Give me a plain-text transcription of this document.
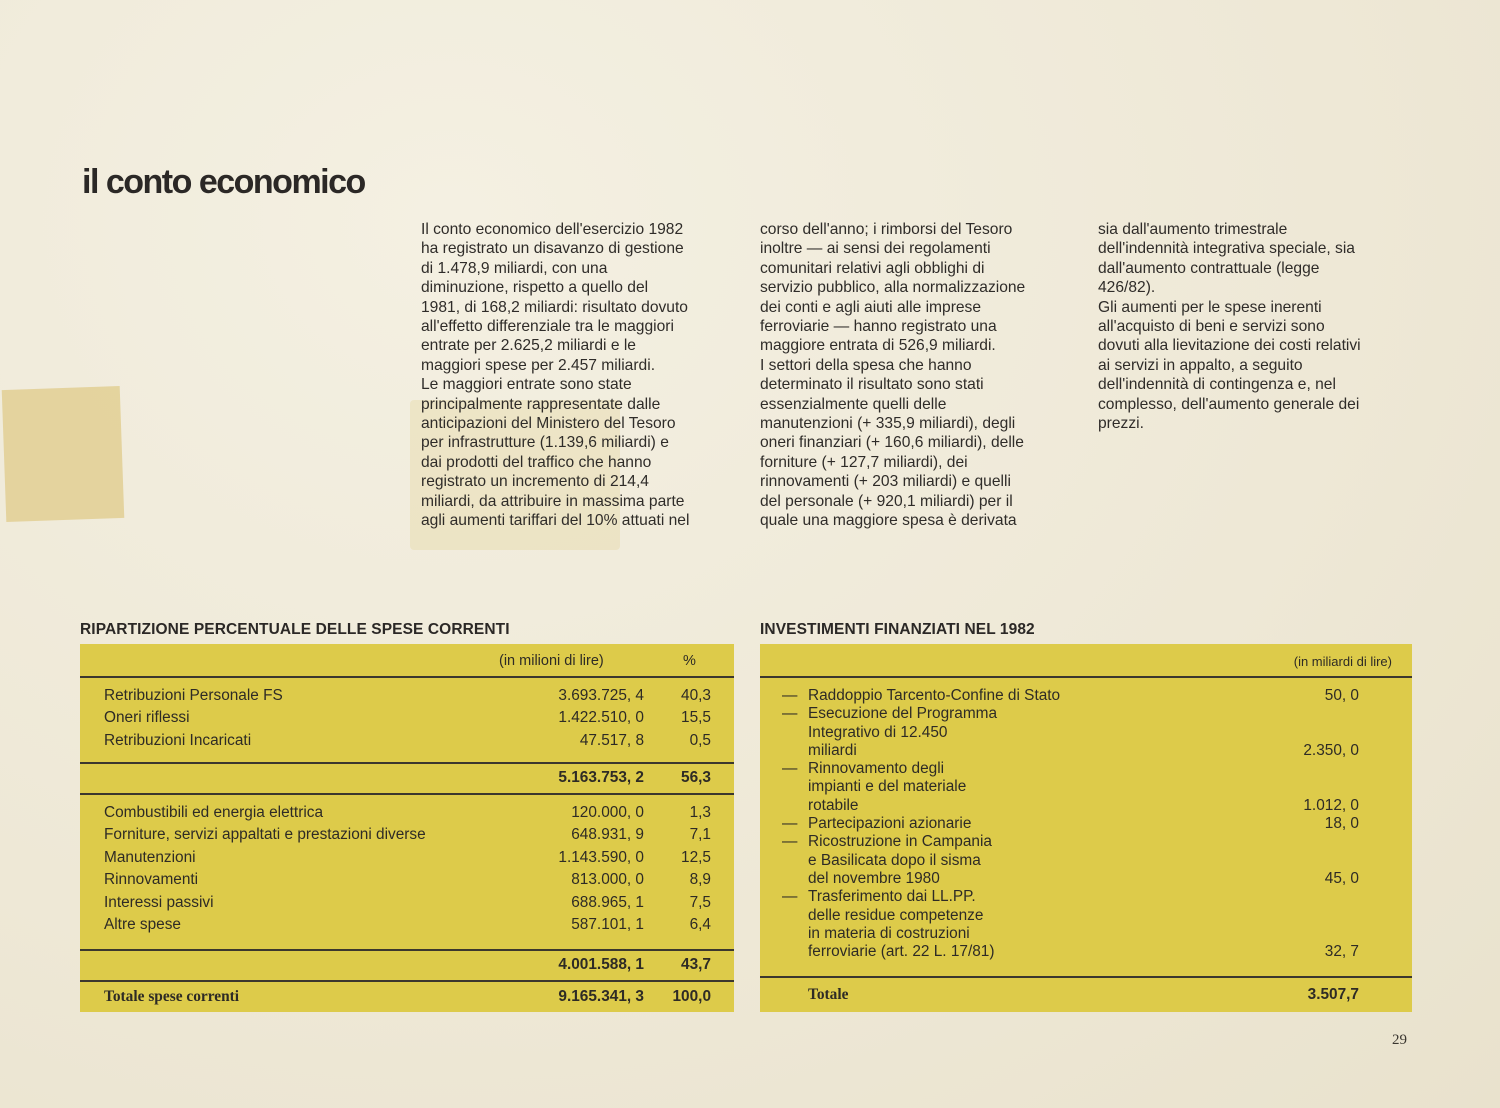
il conto economico

Il conto economico dell'esercizio 1982

ha registrato un disavanzo di gestione

di 1.478,9 miliardi, con una

diminuzione, rispetto a quello del

1981, di 168,2 miliardi: risultato dovuto

all'effetto differenziale tra le maggiori

entrate per 2.625,2 miliardi e le

maggiori spese per 2.457 miliardi.

Le maggiori entrate sono state

principalmente rappresentate dalle

anticipazioni del Ministero del Tesoro

per infrastrutture (1.139,6 miliardi) e

dai prodotti del traffico che hanno

registrato un incremento di 214,4

miliardi, da attribuire in massima parte

agli aumenti tariffari del 10% attuati nel

corso dell'anno; i rimborsi del Tesoro

inoltre — ai sensi dei regolamenti

comunitari relativi agli obblighi di

servizio pubblico, alla normalizzazione

dei conti e agli aiuti alle imprese

ferroviarie — hanno registrato una

maggiore entrata di 526,9 miliardi.

I settori della spesa che hanno

determinato il risultato sono stati

essenzialmente quelli delle

manutenzioni (+ 335,9 miliardi), degli

oneri finanziari (+ 160,6 miliardi), delle

forniture (+ 127,7 miliardi), dei

rinnovamenti (+ 203 miliardi) e quelli

del personale (+ 920,1 miliardi) per il

quale una maggiore spesa è derivata

sia dall'aumento trimestrale

dell'indennità integrativa speciale, sia

dall'aumento contrattuale (legge

426/82).

Gli aumenti per le spese inerenti

all'acquisto di beni e servizi sono

dovuti alla lievitazione dei costi relativi

ai servizi in appalto, a seguito

dell'indennità di contingenza e, nel

complesso, dell'aumento generale dei

prezzi.

RIPARTIZIONE PERCENTUALE DELLE SPESE CORRENTI	INVESTIMENTI FINANZIATI NEL 1982
(in milioni di lire)	%
Retribuzioni Personale FS	3.693.725, 4 40,3
Oneri riflessi	1.422.510, 0 15,5
Retribuzioni Incaricati	47.517, 8	0,5
5.163.753, 2 56,3
Combustibili ed energia elettrica	120.000, 0	1,3
Forniture, servizi appaltati e prestazioni diverse	648.931, 9	7,1
Manutenzioni	1.143.590, 0 12,5
Rinnovamenti	813.000, 0	8,9
Interessi passivi	688.965, 1	7,5
Altre spese	587.101, 1	6,4
4.001.588, 1 43,7
Totale spese correnti	9.165.341, 3 100,0
(in miliardi di lire)
— Raddoppio Tarcento-Confine di Stato	50, 0
— Esecuzione del Programma
Integrativo di 12.450
miliardi	2.350, 0
— Rinnovamento degli
impianti e del materiale
rotabile	1.012, 0
— Partecipazioni azionarie	18, 0
— Ricostruzione in Campania
e Basilicata dopo il sisma
del novembre 1980	45, 0
— Trasferimento dai LL.PP.
delle residue competenze
in materia di costruzioni
ferroviarie (art. 22 L. 17/81)	32, 7
Totale	3.507,7
29
